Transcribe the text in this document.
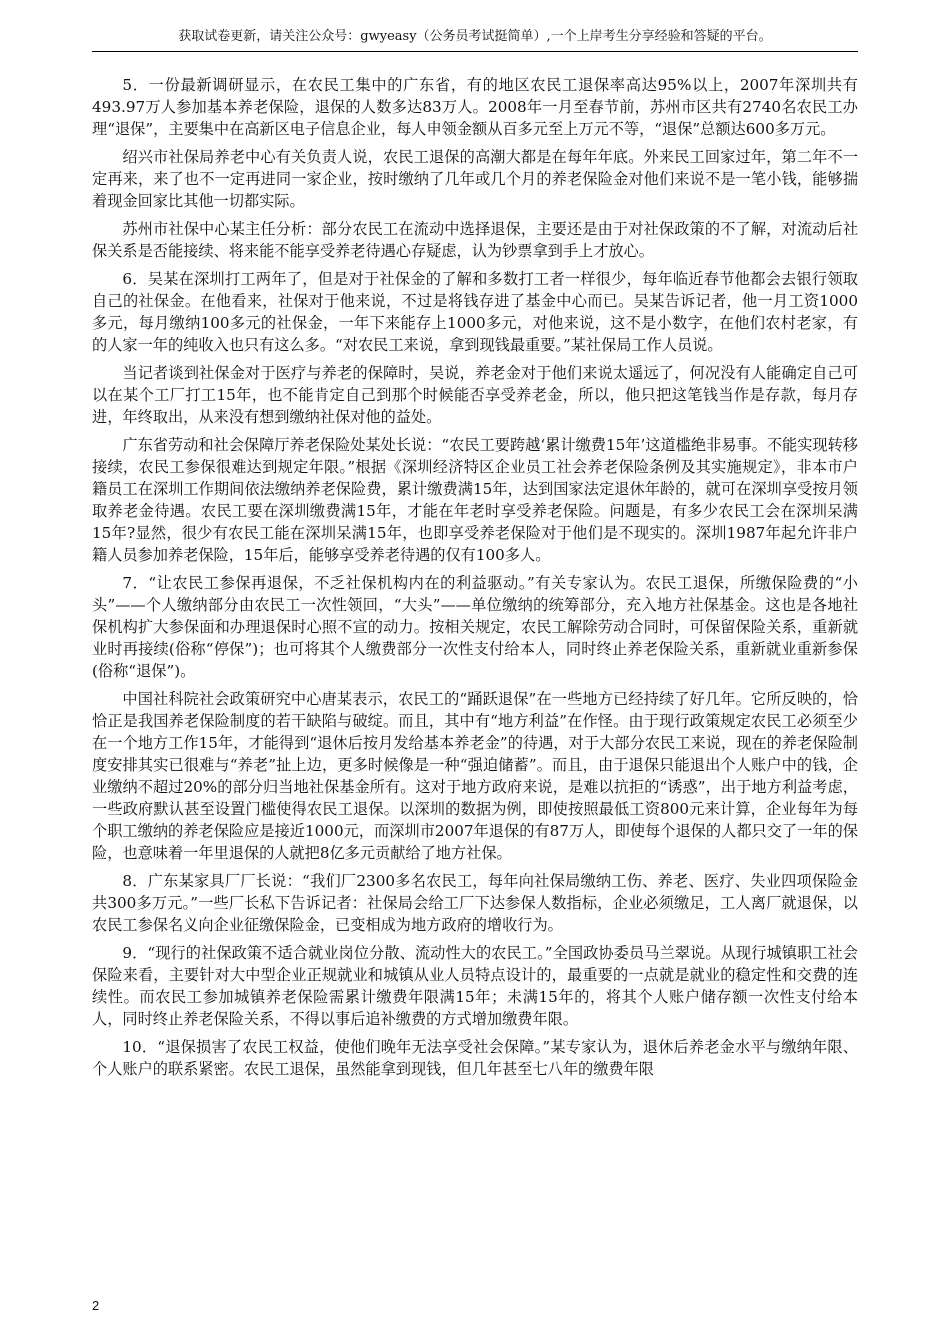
获取试卷更新，请关注公众号：gwyeasy（公务员考试挺简单）,一个上岸考生分享经验和答疑的平台。

5．一份最新调研显示，在农民工集中的广东省，有的地区农民工退保率高达95%以上，2007年深圳共有493.97万人参加基本养老保险，退保的人数多达83万人。2008年一月至春节前，苏州市区共有2740名农民工办理“退保”，主要集中在高新区电子信息企业，每人申领金额从百多元至上万元不等，“退保”总额达600多万元。

绍兴市社保局养老中心有关负责人说，农民工退保的高潮大都是在每年年底。外来民工回家过年，第二年不一定再来，来了也不一定再进同一家企业，按时缴纳了几年或几个月的养老保险金对他们来说不是一笔小钱，能够揣着现金回家比其他一切都实际。

苏州市社保中心某主任分析：部分农民工在流动中选择退保，主要还是由于对社保政策的不了解，对流动后社保关系是否能接续、将来能不能享受养老待遇心存疑虑，认为钞票拿到手上才放心。

6．吴某在深圳打工两年了，但是对于社保金的了解和多数打工者一样很少，每年临近春节他都会去银行领取自己的社保金。在他看来，社保对于他来说，不过是将钱存进了基金中心而已。吴某告诉记者，他一月工资1000多元，每月缴纳100多元的社保金，一年下来能存上1000多元，对他来说，这不是小数字，在他们农村老家，有的人家一年的纯收入也只有这么多。“对农民工来说，拿到现钱最重要。”某社保局工作人员说。

当记者谈到社保金对于医疗与养老的保障时，吴说，养老金对于他们来说太遥远了，何况没有人能确定自己可以在某个工厂打工15年，也不能肯定自己到那个时候能否享受养老金，所以，他只把这笔钱当作是存款，每月存进，年终取出，从来没有想到缴纳社保对他的益处。

广东省劳动和社会保障厅养老保险处某处长说：“农民工要跨越‘累计缴费15年’这道槛绝非易事。不能实现转移接续，农民工参保很难达到规定年限。”根据《深圳经济特区企业员工社会养老保险条例及其实施规定》，非本市户籍员工在深圳工作期间依法缴纳养老保险费，累计缴费满15年，达到国家法定退休年龄的，就可在深圳享受按月领取养老金待遇。农民工要在深圳缴费满15年，才能在年老时享受养老保险。问题是，有多少农民工会在深圳呆满15年?显然，很少有农民工能在深圳呆满15年，也即享受养老保险对于他们是不现实的。深圳1987年起允许非户籍人员参加养老保险，15年后，能够享受养老待遇的仅有100多人。

7．“让农民工参保再退保，不乏社保机构内在的利益驱动。”有关专家认为。农民工退保，所缴保险费的“小头”——个人缴纳部分由农民工一次性领回，“大头”——单位缴纳的统筹部分，充入地方社保基金。这也是各地社保机构扩大参保面和办理退保时心照不宣的动力。按相关规定，农民工解除劳动合同时，可保留保险关系，重新就业时再接续(俗称“停保”)；也可将其个人缴费部分一次性支付给本人，同时终止养老保险关系，重新就业重新参保(俗称“退保”)。

中国社科院社会政策研究中心唐某表示，农民工的“踊跃退保”在一些地方已经持续了好几年。它所反映的，恰恰正是我国养老保险制度的若干缺陷与破绽。而且，其中有“地方利益”在作怪。由于现行政策规定农民工必须至少在一个地方工作15年，才能得到“退休后按月发给基本养老金”的待遇，对于大部分农民工来说，现在的养老保险制度安排其实已很难与“养老”扯上边，更多时候像是一种“强迫储蓄”。而且，由于退保只能退出个人账户中的钱，企业缴纳不超过20%的部分归当地社保基金所有。这对于地方政府来说，是难以抗拒的“诱惑”，出于地方利益考虑，一些政府默认甚至设置门槛使得农民工退保。以深圳的数据为例，即使按照最低工资800元来计算，企业每年为每个职工缴纳的养老保险应是接近1000元，而深圳市2007年退保的有87万人，即使每个退保的人都只交了一年的保险，也意味着一年里退保的人就把8亿多元贡献给了地方社保。

8．广东某家具厂厂长说：“我们厂2300多名农民工，每年向社保局缴纳工伤、养老、医疗、失业四项保险金共300多万元。”一些厂长私下告诉记者：社保局会给工厂下达参保人数指标，企业必须缴足，工人离厂就退保，以农民工参保名义向企业征缴保险金，已变相成为地方政府的增收行为。

9．“现行的社保政策不适合就业岗位分散、流动性大的农民工。”全国政协委员马兰翠说。从现行城镇职工社会保险来看，主要针对大中型企业正规就业和城镇从业人员特点设计的，最重要的一点就是就业的稳定性和交费的连续性。而农民工参加城镇养老保险需累计缴费年限满15年；未满15年的，将其个人账户储存额一次性支付给本人，同时终止养老保险关系，不得以事后追补缴费的方式增加缴费年限。

10．“退保损害了农民工权益，使他们晚年无法享受社会保障。”某专家认为，退休后养老金水平与缴纳年限、个人账户的联系紧密。农民工退保，虽然能拿到现钱，但几年甚至七八年的缴费年限

2
